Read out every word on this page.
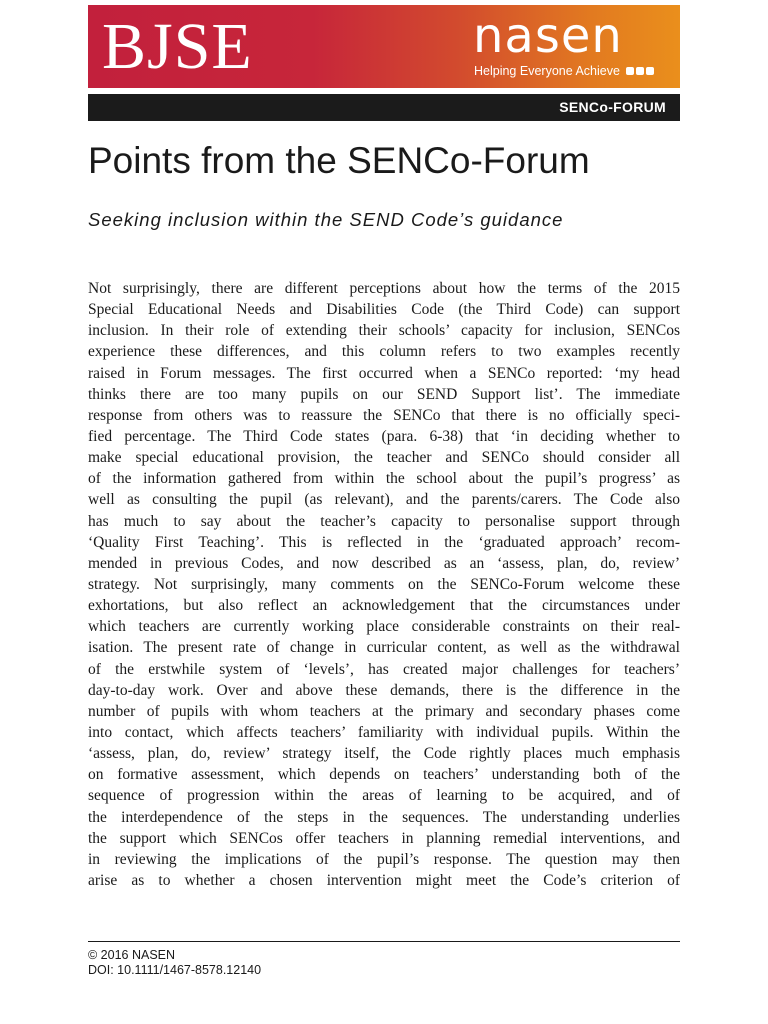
BJSE	nasen
Helping Everyone Achieve
SENCo-FORUM
Points from the SENCo-Forum
Seeking inclusion within the SEND Code’s guidance

Not surprisingly, there are different perceptions about how the terms of the 2015
Special Educational Needs and Disabilities Code (the Third Code) can support
inclusion. In their role of extending their schools’ capacity for inclusion, SENCos
experience these differences, and this column refers to two examples recently
raised in Forum messages. The first occurred when a SENCo reported: ‘my head
thinks there are too many pupils on our SEND Support list’. The immediate
response from others was to reassure the SENCo that there is no officially speci-
fied percentage. The Third Code states (para. 6-38) that ‘in deciding whether to
make special educational provision, the teacher and SENCo should consider all
of the information gathered from within the school about the pupil’s progress’ as
well as consulting the pupil (as relevant), and the parents/carers. The Code also
has much to say about the teacher’s capacity to personalise support through
‘Quality First Teaching’. This is reflected in the ‘graduated approach’ recom-
mended in previous Codes, and now described as an ‘assess, plan, do, review’
strategy. Not surprisingly, many comments on the SENCo-Forum welcome these
exhortations, but also reflect an acknowledgement that the circumstances under
which teachers are currently working place considerable constraints on their real-
isation. The present rate of change in curricular content, as well as the withdrawal
of the erstwhile system of ‘levels’, has created major challenges for teachers’
day-to-day work. Over and above these demands, there is the difference in the
number of pupils with whom teachers at the primary and secondary phases come
into contact, which affects teachers’ familiarity with individual pupils. Within the
‘assess, plan, do, review’ strategy itself, the Code rightly places much emphasis
on formative assessment, which depends on teachers’ understanding both of the
sequence of progression within the areas of learning to be acquired, and of
the interdependence of the steps in the sequences. The understanding underlies
the support which SENCos offer teachers in planning remedial interventions, and
in reviewing the implications of the pupil’s response. The question may then
arise as to whether a chosen intervention might meet the Code’s criterion of

© 2016 NASEN
DOI: 10.1111/1467-8578.12140
